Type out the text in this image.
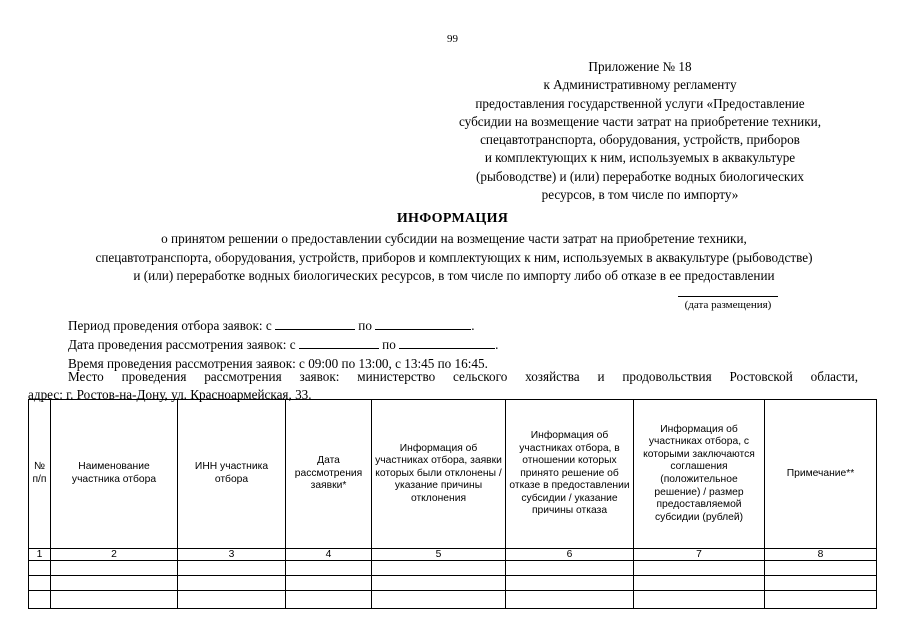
99
Приложение № 18
к Административному регламенту
предоставления государственной услуги «Предоставление
субсидии на возмещение части затрат на приобретение техники,
спецавтотранспорта, оборудования, устройств, приборов
и комплектующих к ним, используемых в аквакультуре
(рыбоводстве) и (или) переработке водных биологических
ресурсов, в том числе по импорту»
ИНФОРМАЦИЯ
о принятом решении о предоставлении субсидии на возмещение части затрат на приобретение техники,
спецавтотранспорта, оборудования, устройств, приборов и комплектующих к ним, используемых в аквакультуре (рыбоводстве)
и (или) переработке водных биологических ресурсов, в том числе по импорту либо об отказе в ее предоставлении
(дата размещения)
Период проведения отбора заявок: с	по	.
Дата проведения рассмотрения заявок: с	по	.
Время проведения рассмотрения заявок: с 09:00 по 13:00, с 13:45 по 16:45.
Место проведения рассмотрения заявок: министерство сельского хозяйства и продовольствия Ростовской области,
адрес: г. Ростов-на-Дону, ул. Красноармейская, 33.
№ п/п	Наименование участника отбора	ИНН участника отбора	Дата рассмотрения заявки*	Информация об участниках отбора, заявки которых были отклонены / указание причины отклонения	Информация об участниках отбора, в отношении которых принято решение об отказе в предоставлении субсидии / указание причины отказа	Информация об участниках отбора, с которыми заключаются соглашения (положительное решение) / размер предоставляемой субсидии (рублей)	Примечание**
1	2	3	4	5	6	7	8
